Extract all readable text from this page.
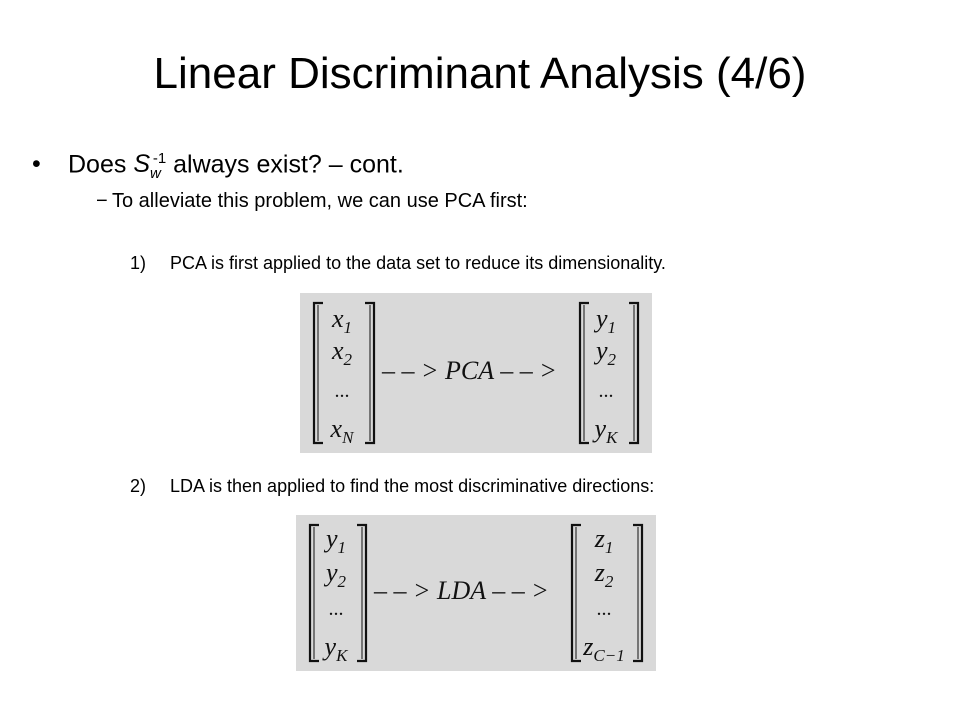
Linear Discriminant Analysis (4/6)
• Does $S_w^{-1}$ always exist? – cont.
− To alleviate this problem, we can use PCA first:
1) PCA is first applied to the data set to reduce its dimensionality.
$x_1$
$x_2$
...
$x_N$
– – > PCA – – >
$y_1$
$y_2$
...
$y_K$
2) LDA is then applied to find the most discriminative directions:
$y_1$
$y_2$
...
$y_K$
– – > LDA – – >
$z_1$
$z_2$
...
$z_{C-1}$
